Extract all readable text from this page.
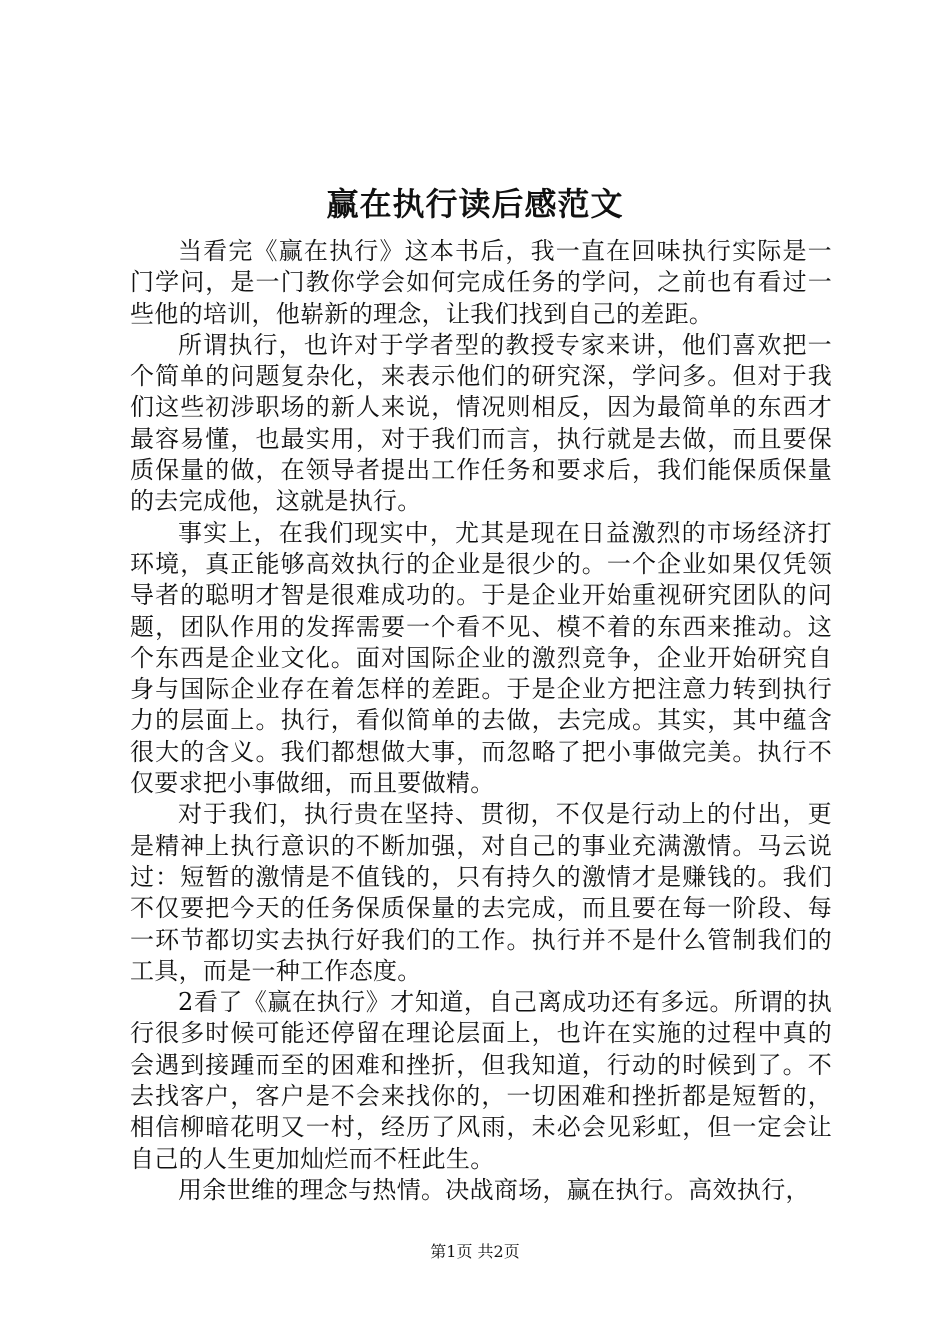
赢在执行读后感范文

当看完《赢在执行》这本书后，我一直在回味执行实际是一门学问，是一门教你学会如何完成任务的学问，之前也有看过一些他的培训，他崭新的理念，让我们找到自己的差距。

所谓执行，也许对于学者型的教授专家来讲，他们喜欢把一个简单的问题复杂化，来表示他们的研究深，学问多。但对于我们这些初涉职场的新人来说，情况则相反，因为最简单的东西才最容易懂，也最实用，对于我们而言，执行就是去做，而且要保质保量的做，在领导者提出工作任务和要求后，我们能保质保量的去完成他，这就是执行。

事实上，在我们现实中，尤其是现在日益激烈的市场经济打环境，真正能够高效执行的企业是很少的。一个企业如果仅凭领导者的聪明才智是很难成功的。于是企业开始重视研究团队的问题，团队作用的发挥需要一个看不见、模不着的东西来推动。这个东西是企业文化。面对国际企业的激烈竞争，企业开始研究自身与国际企业存在着怎样的差距。于是企业方把注意力转到执行力的层面上。执行，看似简单的去做，去完成。其实，其中蕴含很大的含义。我们都想做大事，而忽略了把小事做完美。执行不仅要求把小事做细，而且要做精。

对于我们，执行贵在坚持、贯彻，不仅是行动上的付出，更是精神上执行意识的不断加强，对自己的事业充满激情。马云说过：短暂的激情是不值钱的，只有持久的激情才是赚钱的。我们不仅要把今天的任务保质保量的去完成，而且要在每一阶段、每一环节都切实去执行好我们的工作。执行并不是什么管制我们的工具，而是一种工作态度。

2看了《赢在执行》才知道，自己离成功还有多远。所谓的执行很多时候可能还停留在理论层面上，也许在实施的过程中真的会遇到接踵而至的困难和挫折，但我知道，行动的时候到了。不去找客户，客户是不会来找你的，一切困难和挫折都是短暂的，相信柳暗花明又一村，经历了风雨，未必会见彩虹，但一定会让自己的人生更加灿烂而不枉此生。

用余世维的理念与热情。决战商场，赢在执行。高效执行，

第1页 共2页
